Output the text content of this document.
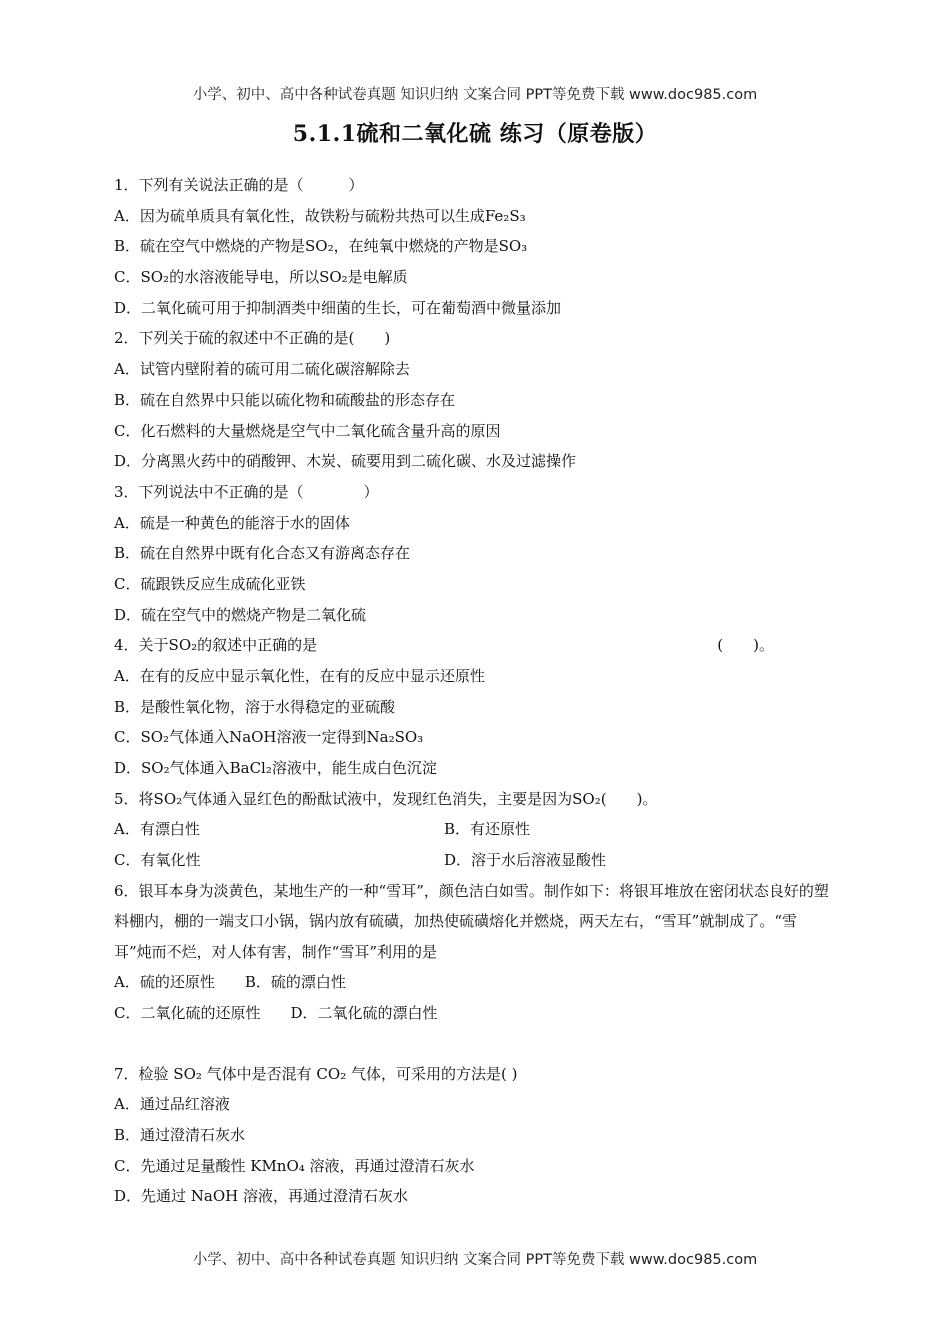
小学、初中、高中各种试卷真题 知识归纳 文案合同 PPT等免费下载 www.doc985.com
5.1.1硫和二氧化硫 练习（原卷版）
1．下列有关说法正确的是（　　　）
A．因为硫单质具有氧化性，故铁粉与硫粉共热可以生成Fe₂S₃
B．硫在空气中燃烧的产物是SO₂，在纯氧中燃烧的产物是SO₃
C．SO₂的水溶液能导电，所以SO₂是电解质
D．二氧化硫可用于抑制酒类中细菌的生长，可在葡萄酒中微量添加
2．下列关于硫的叙述中不正确的是(　　)
A．试管内壁附着的硫可用二硫化碳溶解除去
B．硫在自然界中只能以硫化物和硫酸盐的形态存在
C．化石燃料的大量燃烧是空气中二氧化硫含量升高的原因
D．分离黑火药中的硝酸钾、木炭、硫要用到二硫化碳、水及过滤操作
3．下列说法中不正确的是（　　　　）
A．硫是一种黄色的能溶于水的固体
B．硫在自然界中既有化合态又有游离态存在
C．硫跟铁反应生成硫化亚铁
D．硫在空气中的燃烧产物是二氧化硫
4．关于SO₂的叙述中正确的是	(　　)。
A．在有的反应中显示氧化性，在有的反应中显示还原性
B．是酸性氧化物，溶于水得稳定的亚硫酸
C．SO₂气体通入NaOH溶液一定得到Na₂SO₃
D．SO₂气体通入BaCl₂溶液中，能生成白色沉淀
5．将SO₂气体通入显红色的酚酞试液中，发现红色消失，主要是因为SO₂(　　)。
A．有漂白性	B．有还原性
C．有氧化性	D．溶于水后溶液显酸性
6．银耳本身为淡黄色，某地生产的一种“雪耳”，颜色洁白如雪。制作如下：将银耳堆放在密闭状态良好的塑料棚内，棚的一端支口小锅，锅内放有硫磺，加热使硫磺熔化并燃烧，两天左右，“雪耳”就制成了。“雪耳”炖而不烂，对人体有害，制作“雪耳”利用的是
A．硫的还原性　　B．硫的漂白性
C．二氧化硫的还原性　　D．二氧化硫的漂白性
7．检验 SO₂ 气体中是否混有 CO₂ 气体，可采用的方法是( )
A．通过品红溶液
B．通过澄清石灰水
C．先通过足量酸性 KMnO₄ 溶液，再通过澄清石灰水
D．先通过 NaOH 溶液，再通过澄清石灰水
小学、初中、高中各种试卷真题 知识归纳 文案合同 PPT等免费下载 www.doc985.com
